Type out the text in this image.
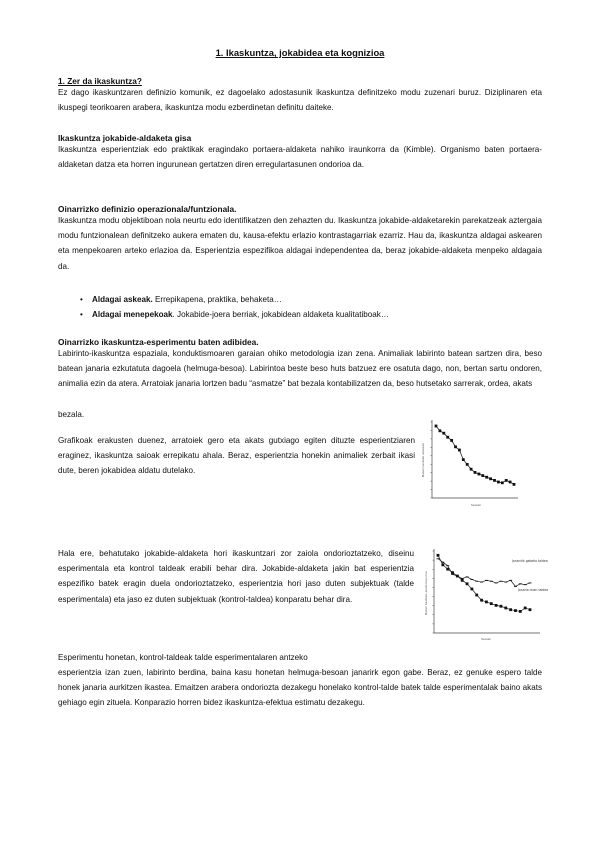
1. Ikaskuntza, jokabidea eta kognizioa
1. Zer da ikaskuntza?

Ez dago ikaskuntzaren definizio komunik, ez dagoelako adostasunik ikaskuntza definitzeko modu zuzenari buruz. Diziplinaren eta ikuspegi teorikoaren arabera, ikaskuntza modu ezberdinetan definitu daiteke.

Ikaskuntza jokabide-aldaketa gisa

Ikaskuntza esperientziak edo praktikak eragindako portaera-aldaketa nahiko iraunkorra da (Kimble). Organismo baten portaera-aldaketan datza eta horren ingurunean gertatzen diren erregulartasunen ondorioa da.

Oinarrizko definizio operazionala/funtzionala.

Ikaskuntza modu objektiboan nola neurtu edo identifikatzen den zehazten du. Ikaskuntza jokabide-aldaketarekin parekatzeak aztergaia modu funtzionalean definitzeko aukera ematen du, kausa-efektu erlazio kontrastagarriak ezarriz. Hau da, ikaskuntza aldagai askearen eta menpekoaren arteko erlazioa da. Esperientzia espezifikoa aldagai independentea da, beraz jokabide-aldaketa menpeko aldagaia da.

• Aldagai askeak. Errepikapena, praktika, behaketa…
• Aldagai menepekoak. Jokabide-joera berriak, jokabidean aldaketa kualitatiboak…
Oinarrizko ikaskuntza-esperimentu baten adibidea.

Labirinto-ikaskuntza espaziala, konduktismoaren garaian ohiko metodologia izan zena. Animaliak labirinto batean sartzen dira, beso batean janaria ezkutatuta dagoela (helmuga-besoa). Labirintoa beste beso huts batzuez ere osatuta dago, non, bertan sartu ondoren, animalia ezin da atera. Arratoiak janaria lortzen badu “asmatze” bat bezala kontabilizatzen da, beso hutsetako sarrerak, ordea, akats

bezala.

Grafikoak erakusten duenez, arratoiek gero eta akats gutxiago egiten dituzte esperientziaren eraginez, ikaskuntza saioak errepikatu ahala. Beraz, esperientzia honekin animaliek zerbait ikasi dute, beren jokabidea aldatu dutelako.	Batez besteko akatsak
Saioak

Hala ere, behatutako jokabide-aldaketa hori ikaskuntzari zor zaiola ondorioztatzeko, diseinu esperimentala eta kontrol taldeak erabili behar dira. Jokabide-aldaketa jakin bat esperientzia espezifiko batek eragin duela ondorioztatzeko, esperientzia hori jaso duten subjektuak (talde esperimentala) eta jaso ez duten subjektuak (kontrol-taldea) konparatu behar dira.

Janaririk gabeko taldea
Janaria duen taldea
Batez besteko akats kopurua
Saioak

Esperimentu honetan, kontrol-taldeak talde esperimentalaren antzeko

esperientzia izan zuen, labirinto berdina, baina kasu honetan helmuga-besoan janarirk egon gabe. Beraz, ez genuke espero talde honek janaria aurkitzen ikastea. Emaitzen arabera ondorioztа dezakegu honelako kontrol-talde batek talde esperimentalak baino akats gehiago egin zituela. Konparazio horren bidez ikaskuntza-efektua estimatu dezakegu.
